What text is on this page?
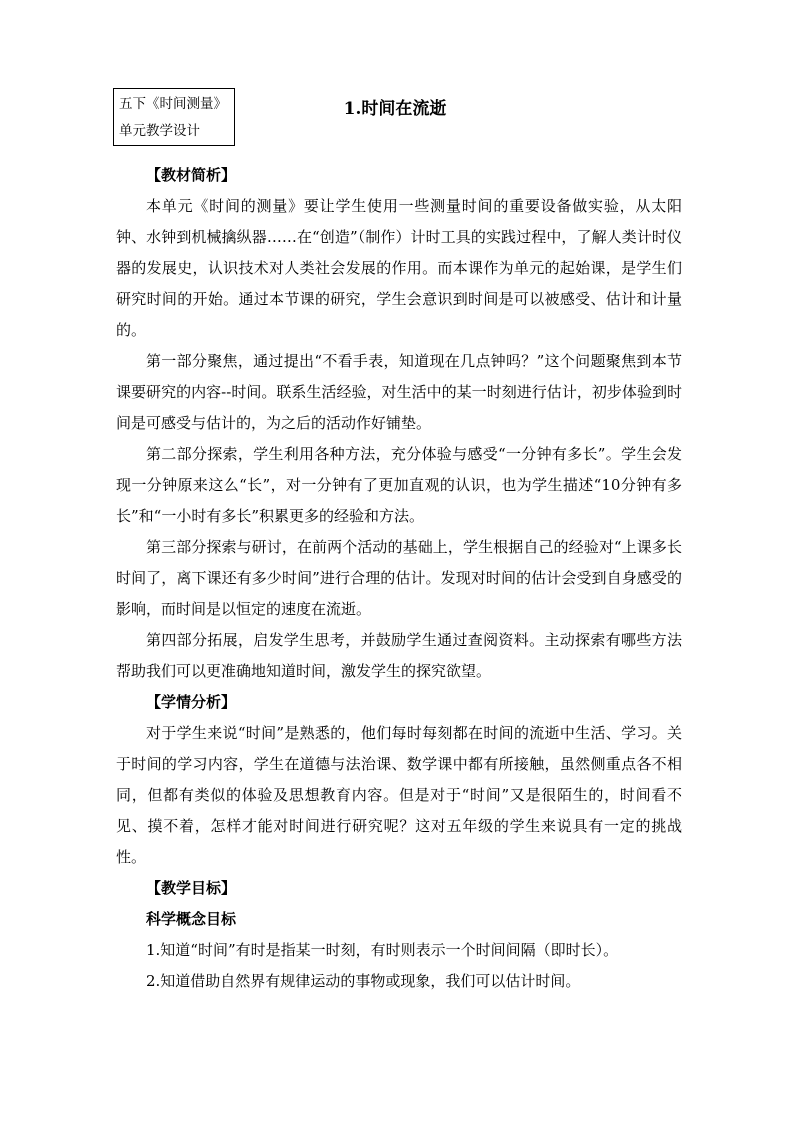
五下《时间测量》
单元教学设计
1.时间在流逝

【教材简析】

本单元《时间的测量》要让学生使用一些测量时间的重要设备做实验，从太阳钟、水钟到机械擒纵器……在“创造”（制作）计时工具的实践过程中，了解人类计时仪器的发展史，认识技术对人类社会发展的作用。而本课作为单元的起始课，是学生们研究时间的开始。通过本节课的研究，学生会意识到时间是可以被感受、估计和计量的。

第一部分聚焦，通过提出“不看手表，知道现在几点钟吗？”这个问题聚焦到本节课要研究的内容--时间。联系生活经验，对生活中的某一时刻进行估计，初步体验到时间是可感受与估计的，为之后的活动作好铺垫。

第二部分探索，学生利用各种方法，充分体验与感受“一分钟有多长”。学生会发现一分钟原来这么“长”，对一分钟有了更加直观的认识，也为学生描述“10分钟有多长”和“一小时有多长”积累更多的经验和方法。

第三部分探索与研讨，在前两个活动的基础上，学生根据自己的经验对“上课多长时间了，离下课还有多少时间”进行合理的估计。发现对时间的估计会受到自身感受的影响，而时间是以恒定的速度在流逝。

第四部分拓展，启发学生思考，并鼓励学生通过查阅资料。主动探索有哪些方法帮助我们可以更准确地知道时间，激发学生的探究欲望。

【学情分析】

对于学生来说“时间”是熟悉的，他们每时每刻都在时间的流逝中生活、学习。关于时间的学习内容，学生在道德与法治课、数学课中都有所接触，虽然侧重点各不相同，但都有类似的体验及思想教育内容。但是对于“时间”又是很陌生的，时间看不见、摸不着，怎样才能对时间进行研究呢？这对五年级的学生来说具有一定的挑战性。

【教学目标】

科学概念目标

1.知道“时间”有时是指某一时刻，有时则表示一个时间间隔（即时长）。

2.知道借助自然界有规律运动的事物或现象，我们可以估计时间。
